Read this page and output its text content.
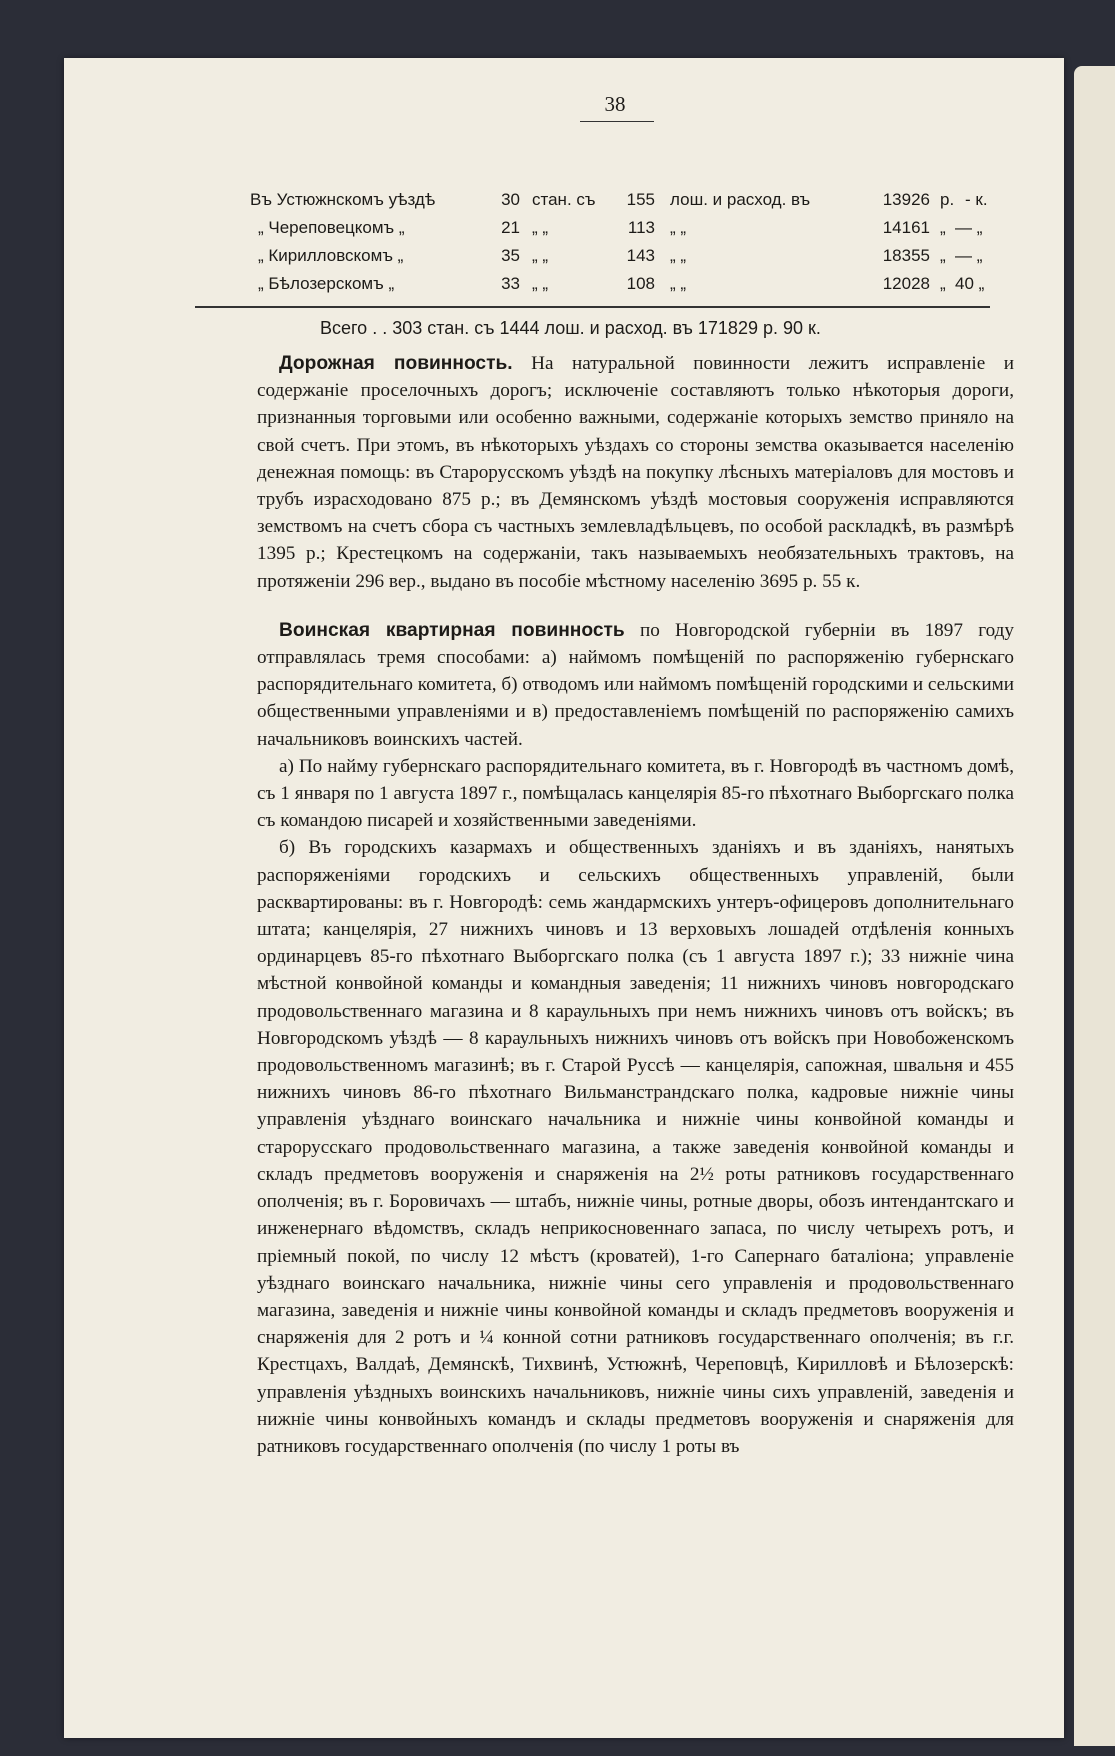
38
Въ Устюжнскомъ уѣздѣ	30 стан. съ	155 лош. и расход. въ	13926 р. - к.
„ Череповецкомъ „	21 „ „	113 „ „	14161 „ — „
„ Кирилловскомъ „	35 „ „	143 „ „	18355 „ — „
„ Бѣлозерскомъ „	33 „ „	108 „ „	12028 „ 40 „
Всего . . 303 стан. съ 1444 лош. и расход. въ 171829 р. 90 к.

Дорожная повинность. На натуральной повинности лежитъ исправленіе и содержаніе проселочныхъ дорогъ; исключеніе составляютъ только нѣкоторыя дороги, признанныя торговыми или особенно важными, содержаніе которыхъ земство приняло на свой счетъ. При этомъ, въ нѣкоторыхъ уѣздахъ со стороны земства оказывается населенію денежная помощь: въ Старорусскомъ уѣздѣ на покупку лѣсныхъ матеріаловъ для мостовъ и трубъ израсходовано 875 р.; въ Демянскомъ уѣздѣ мостовыя сооруженія исправляются земствомъ на счетъ сбора съ частныхъ землевладѣльцевъ, по особой раскладкѣ, въ размѣрѣ 1395 р.; Крестецкомъ на содержаніи, такъ называемыхъ необязательныхъ трактовъ, на протяженіи 296 вер., выдано въ пособіе мѣстному населенію 3695 р. 55 к.

Воинская квартирная повинность по Новгородской губерніи въ 1897 году отправлялась тремя способами: а) наймомъ помѣщеній по распоряженію губернскаго распорядительнаго комитета, б) отводомъ или наймомъ помѣщеній городскими и сельскими общественными управленіями и в) предоставленіемъ помѣщеній по распоряженію самихъ начальниковъ воинскихъ частей.

а) По найму губернскаго распорядительнаго комитета, въ г. Новгородѣ въ частномъ домѣ, съ 1 января по 1 августа 1897 г., помѣщалась канцелярія 85-го пѣхотнаго Выборгскаго полка съ командою писарей и хозяйственными заведеніями.

б) Въ городскихъ казармахъ и общественныхъ зданіяхъ и въ зданіяхъ, нанятыхъ распоряженіями городскихъ и сельскихъ общественныхъ управленій, были расквартированы: въ г. Новгородѣ: семь жандармскихъ унтеръ-офицеровъ дополнительнаго штата; канцелярія, 27 нижнихъ чиновъ и 13 верховыхъ лошадей отдѣленія конныхъ ординарцевъ 85-го пѣхотнаго Выборгскаго полка (съ 1 августа 1897 г.); 33 нижніе чина мѣстной конвойной команды и командныя заведенія; 11 нижнихъ чиновъ новгородскаго продовольственнаго магазина и 8 караульныхъ при немъ нижнихъ чиновъ отъ войскъ; въ Новгородскомъ уѣздѣ — 8 караульныхъ нижнихъ чиновъ отъ войскъ при Новобоженскомъ продовольственномъ магазинѣ; въ г. Старой Руссѣ — канцелярія, сапожная, швальня и 455 нижнихъ чиновъ 86-го пѣхотнаго Вильманстрандскаго полка, кадровые нижніе чины управленія уѣзднаго воинскаго начальника и нижніе чины конвойной команды и старорусскаго продовольственнаго магазина, а также заведенія конвойной команды и складъ предметовъ вооруженія и снаряженія на 2½ роты ратниковъ государственнаго ополченія; въ г. Боровичахъ — штабъ, нижніе чины, ротные дворы, обозъ интендантскаго и инженернаго вѣдомствъ, складъ неприкосновеннаго запаса, по числу четырехъ ротъ, и пріемный покой, по числу 12 мѣстъ (кроватей), 1-го Сапернаго баталіона; управленіе уѣзднаго воинскаго начальника, нижніе чины сего управленія и продовольственнаго магазина, заведенія и нижніе чины конвойной команды и складъ предметовъ вооруженія и снаряженія для 2 ротъ и ¼ конной сотни ратниковъ государственнаго ополченія; въ г.г. Крестцахъ, Валдаѣ, Демянскѣ, Тихвинѣ, Устюжнѣ, Череповцѣ, Кирилловѣ и Бѣлозерскѣ: управленія уѣздныхъ воинскихъ начальниковъ, нижніе чины сихъ управленій, заведенія и нижніе чины конвойныхъ командъ и склады предметовъ вооруженія и снаряженія для ратниковъ государственнаго ополченія (по числу 1 роты въ
